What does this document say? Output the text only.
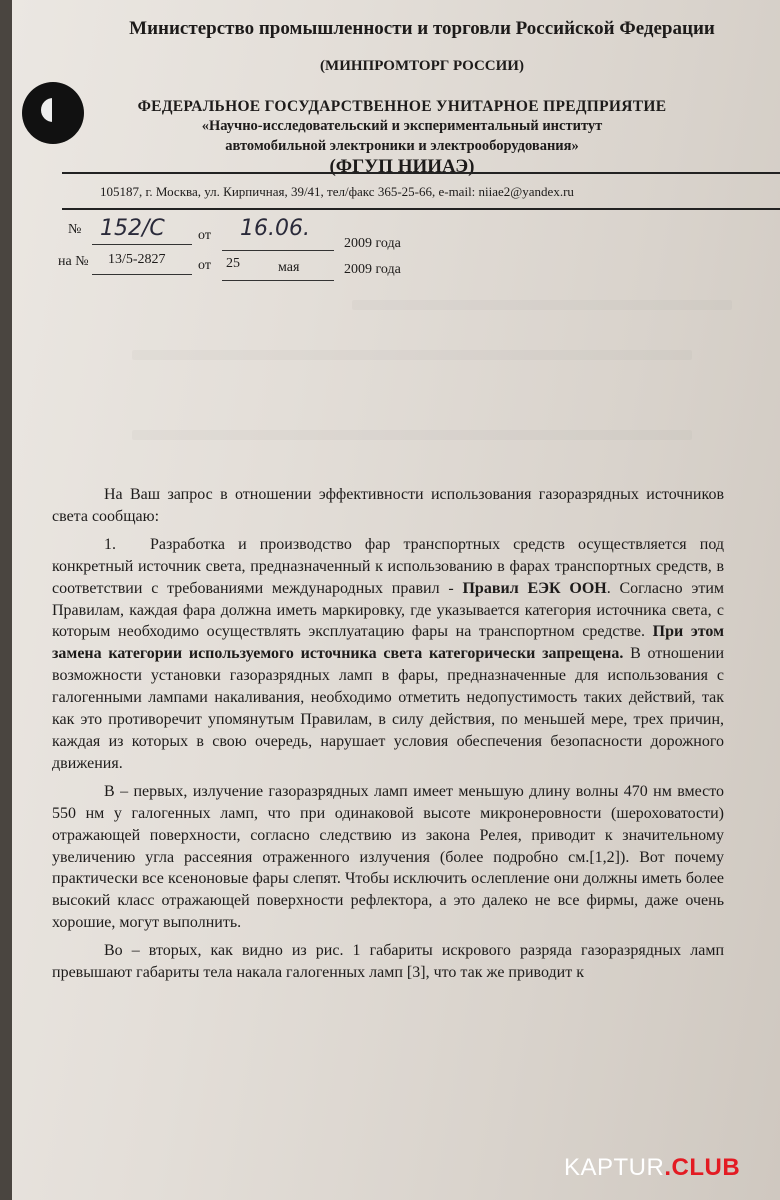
Министерство промышленности и торговли Российской Федерации
(МИНПРОМТОРГ РОССИИ)
ФЕДЕРАЛЬНОЕ ГОСУДАРСТВЕННОЕ УНИТАРНОЕ ПРЕДПРИЯТИЕ
«Научно-исследовательский и экспериментальный институт
автомобильной электроники и электрооборудования»
(ФГУП НИИАЭ)
105187, г. Москва, ул. Кирпичная, 39/41, тел/факс 365-25-66, e-mail: niiae2@yandex.ru
№ 152/С от 16.06.
2009 года
на № 13/5-2827 от 25	мая	2009 года

На Ваш запрос в отношении эффективности использования газоразрядных источников света сообщаю:

1. Разработка и производство фар транспортных средств осуществляется под конкретный источник света, предназначенный к использованию в фарах транспортных средств, в соответствии с требованиями международных правил - Правил ЕЭК ООН. Согласно этим Правилам, каждая фара должна иметь маркировку, где указывается категория источника света, с которым необходимо осуществлять эксплуатацию фары на транспортном средстве. При этом замена категории используемого источника света категорически запрещена. В отношении возможности установки газоразрядных ламп в фары, предназначенные для использования с галогенными лампами накаливания, необходимо отметить недопустимость таких действий, так как это противоречит упомянутым Правилам, в силу действия, по меньшей мере, трех причин, каждая из которых в свою очередь, нарушает условия обеспечения безопасности дорожного движения.

В – первых, излучение газоразрядных ламп имеет меньшую длину волны 470 нм вместо 550 нм у галогенных ламп, что при одинаковой высоте микронеровности (шероховатости) отражающей поверхности, согласно следствию из закона Релея, приводит к значительному увеличению угла рассеяния отраженного излучения (более подробно см.[1,2]). Вот почему практически все ксеноновые фары слепят. Чтобы исключить ослепление они должны иметь более высокий класс отражающей поверхности рефлектора, а это далеко не все фирмы, даже очень хорошие, могут выполнить.

Во – вторых, как видно из рис. 1 габариты искрового разряда газоразрядных ламп превышают габариты тела накала галогенных ламп [3], что так же приводит к

KAPTUR.CLUB
